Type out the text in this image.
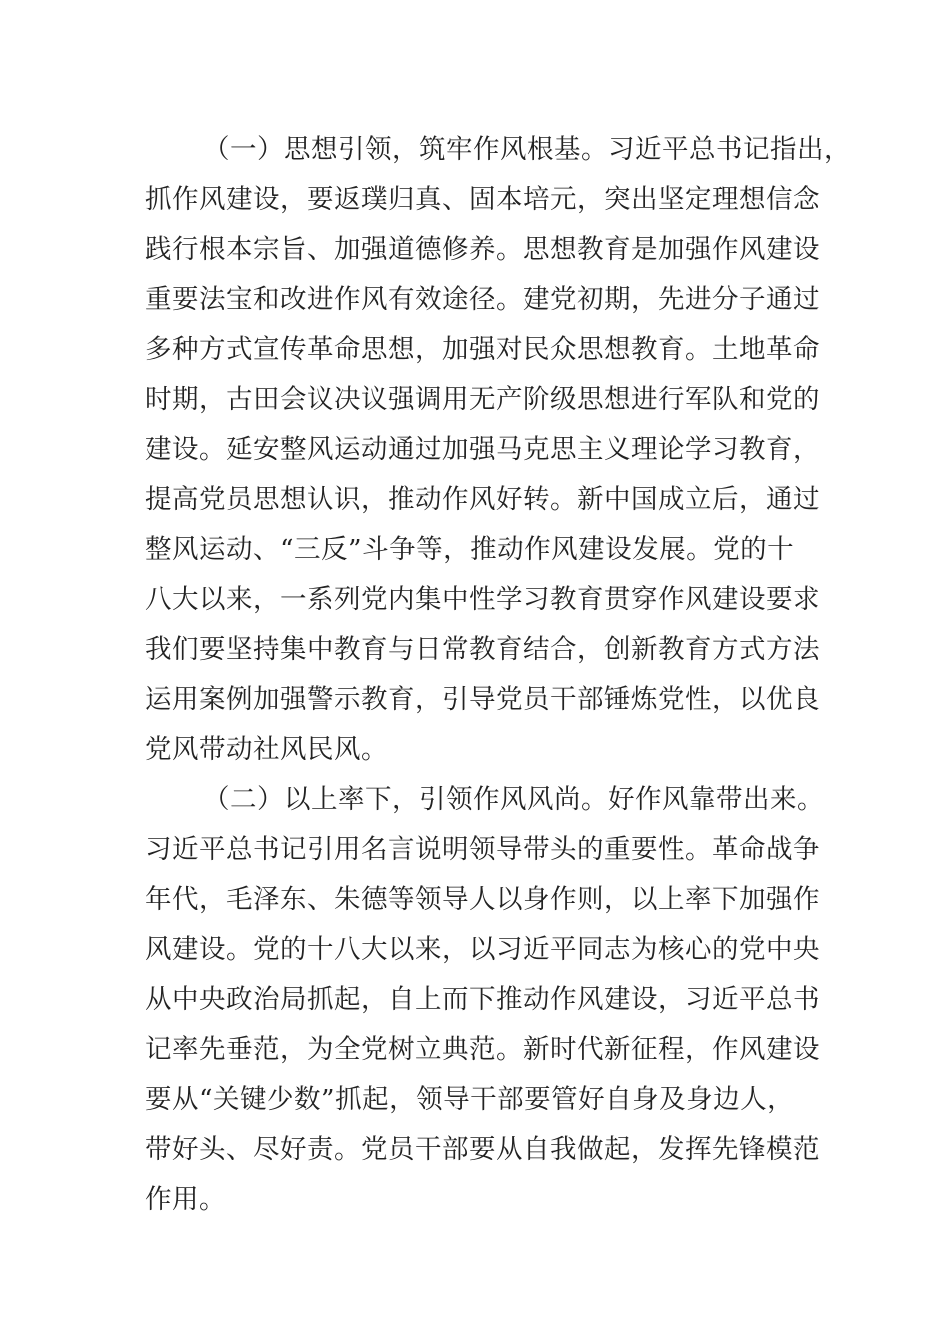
（一）思想引领，筑牢作风根基。习近平总书记指出，
抓作风建设，要返璞归真、固本培元，突出坚定理想信念
践行根本宗旨、加强道德修养。思想教育是加强作风建设
重要法宝和改进作风有效途径。建党初期，先进分子通过
多种方式宣传革命思想，加强对民众思想教育。土地革命
时期，古田会议决议强调用无产阶级思想进行军队和党的
建设。延安整风运动通过加强马克思主义理论学习教育，
提高党员思想认识，推动作风好转。新中国成立后，通过
整风运动、“三反”斗争等，推动作风建设发展。党的十
八大以来，一系列党内集中性学习教育贯穿作风建设要求
我们要坚持集中教育与日常教育结合，创新教育方式方法
运用案例加强警示教育，引导党员干部锤炼党性，以优良
党风带动社风民风。
（二）以上率下，引领作风风尚。好作风靠带出来。
习近平总书记引用名言说明领导带头的重要性。革命战争
年代，毛泽东、朱德等领导人以身作则，以上率下加强作
风建设。党的十八大以来，以习近平同志为核心的党中央
从中央政治局抓起，自上而下推动作风建设，习近平总书
记率先垂范，为全党树立典范。新时代新征程，作风建设
要从“关键少数”抓起，领导干部要管好自身及身边人，
带好头、尽好责。党员干部要从自我做起，发挥先锋模范
作用。
